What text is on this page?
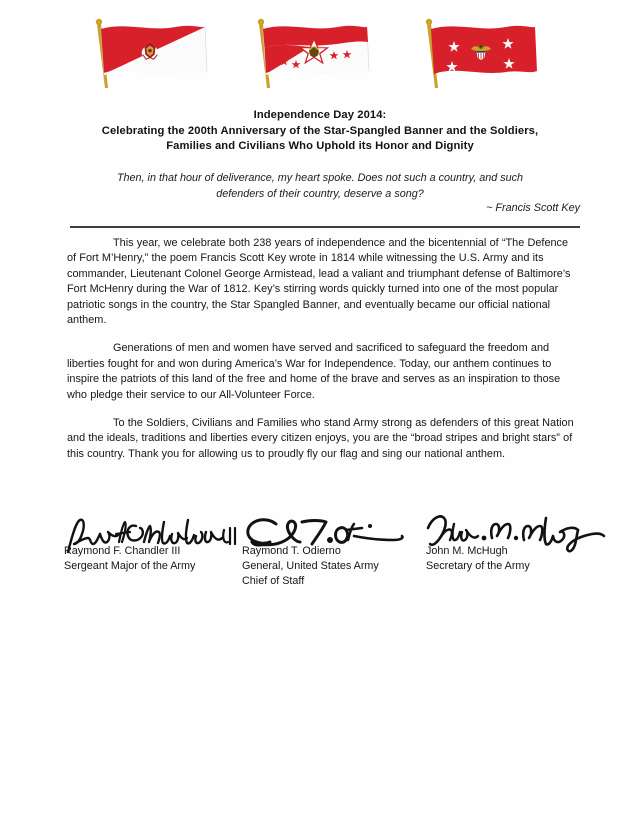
Independence Day 2014:
Celebrating the 200th Anniversary of the Star-Spangled Banner and the Soldiers,
Families and Civilians Who Uphold its Honor and Dignity
Then, in that hour of deliverance, my heart spoke. Does not such a country, and such
defenders of their country, deserve a song?
~ Francis Scott Key

This year, we celebrate both 238 years of independence and the bicentennial of “The Defence of Fort M’Henry,” the poem Francis Scott Key wrote in 1814 while witnessing the U.S. Army and its commander, Lieutenant Colonel George Armistead, lead a valiant and triumphant defense of Baltimore’s Fort McHenry during the War of 1812. Key’s stirring words quickly turned into one of the most popular patriotic songs in the country, the Star Spangled Banner, and eventually became our official national anthem.

Generations of men and women have served and sacrificed to safeguard the freedom and liberties fought for and won during America’s War for Independence. Today, our anthem continues to inspire the patriots of this land of the free and home of the brave and serves as an inspiration to those who pledge their service to our All-Volunteer Force.

To the Soldiers, Civilians and Families who stand Army strong as defenders of this great Nation and the ideals, traditions and liberties every citizen enjoys, you are the “broad stripes and bright stars” of this country. Thank you for allowing us to proudly fly our flag and sing our national anthem.

Raymond F. Chandler III
Sergeant Major of the Army
Raymond T. Odierno
General, United States Army
Chief of Staff
John M. McHugh
Secretary of the Army
